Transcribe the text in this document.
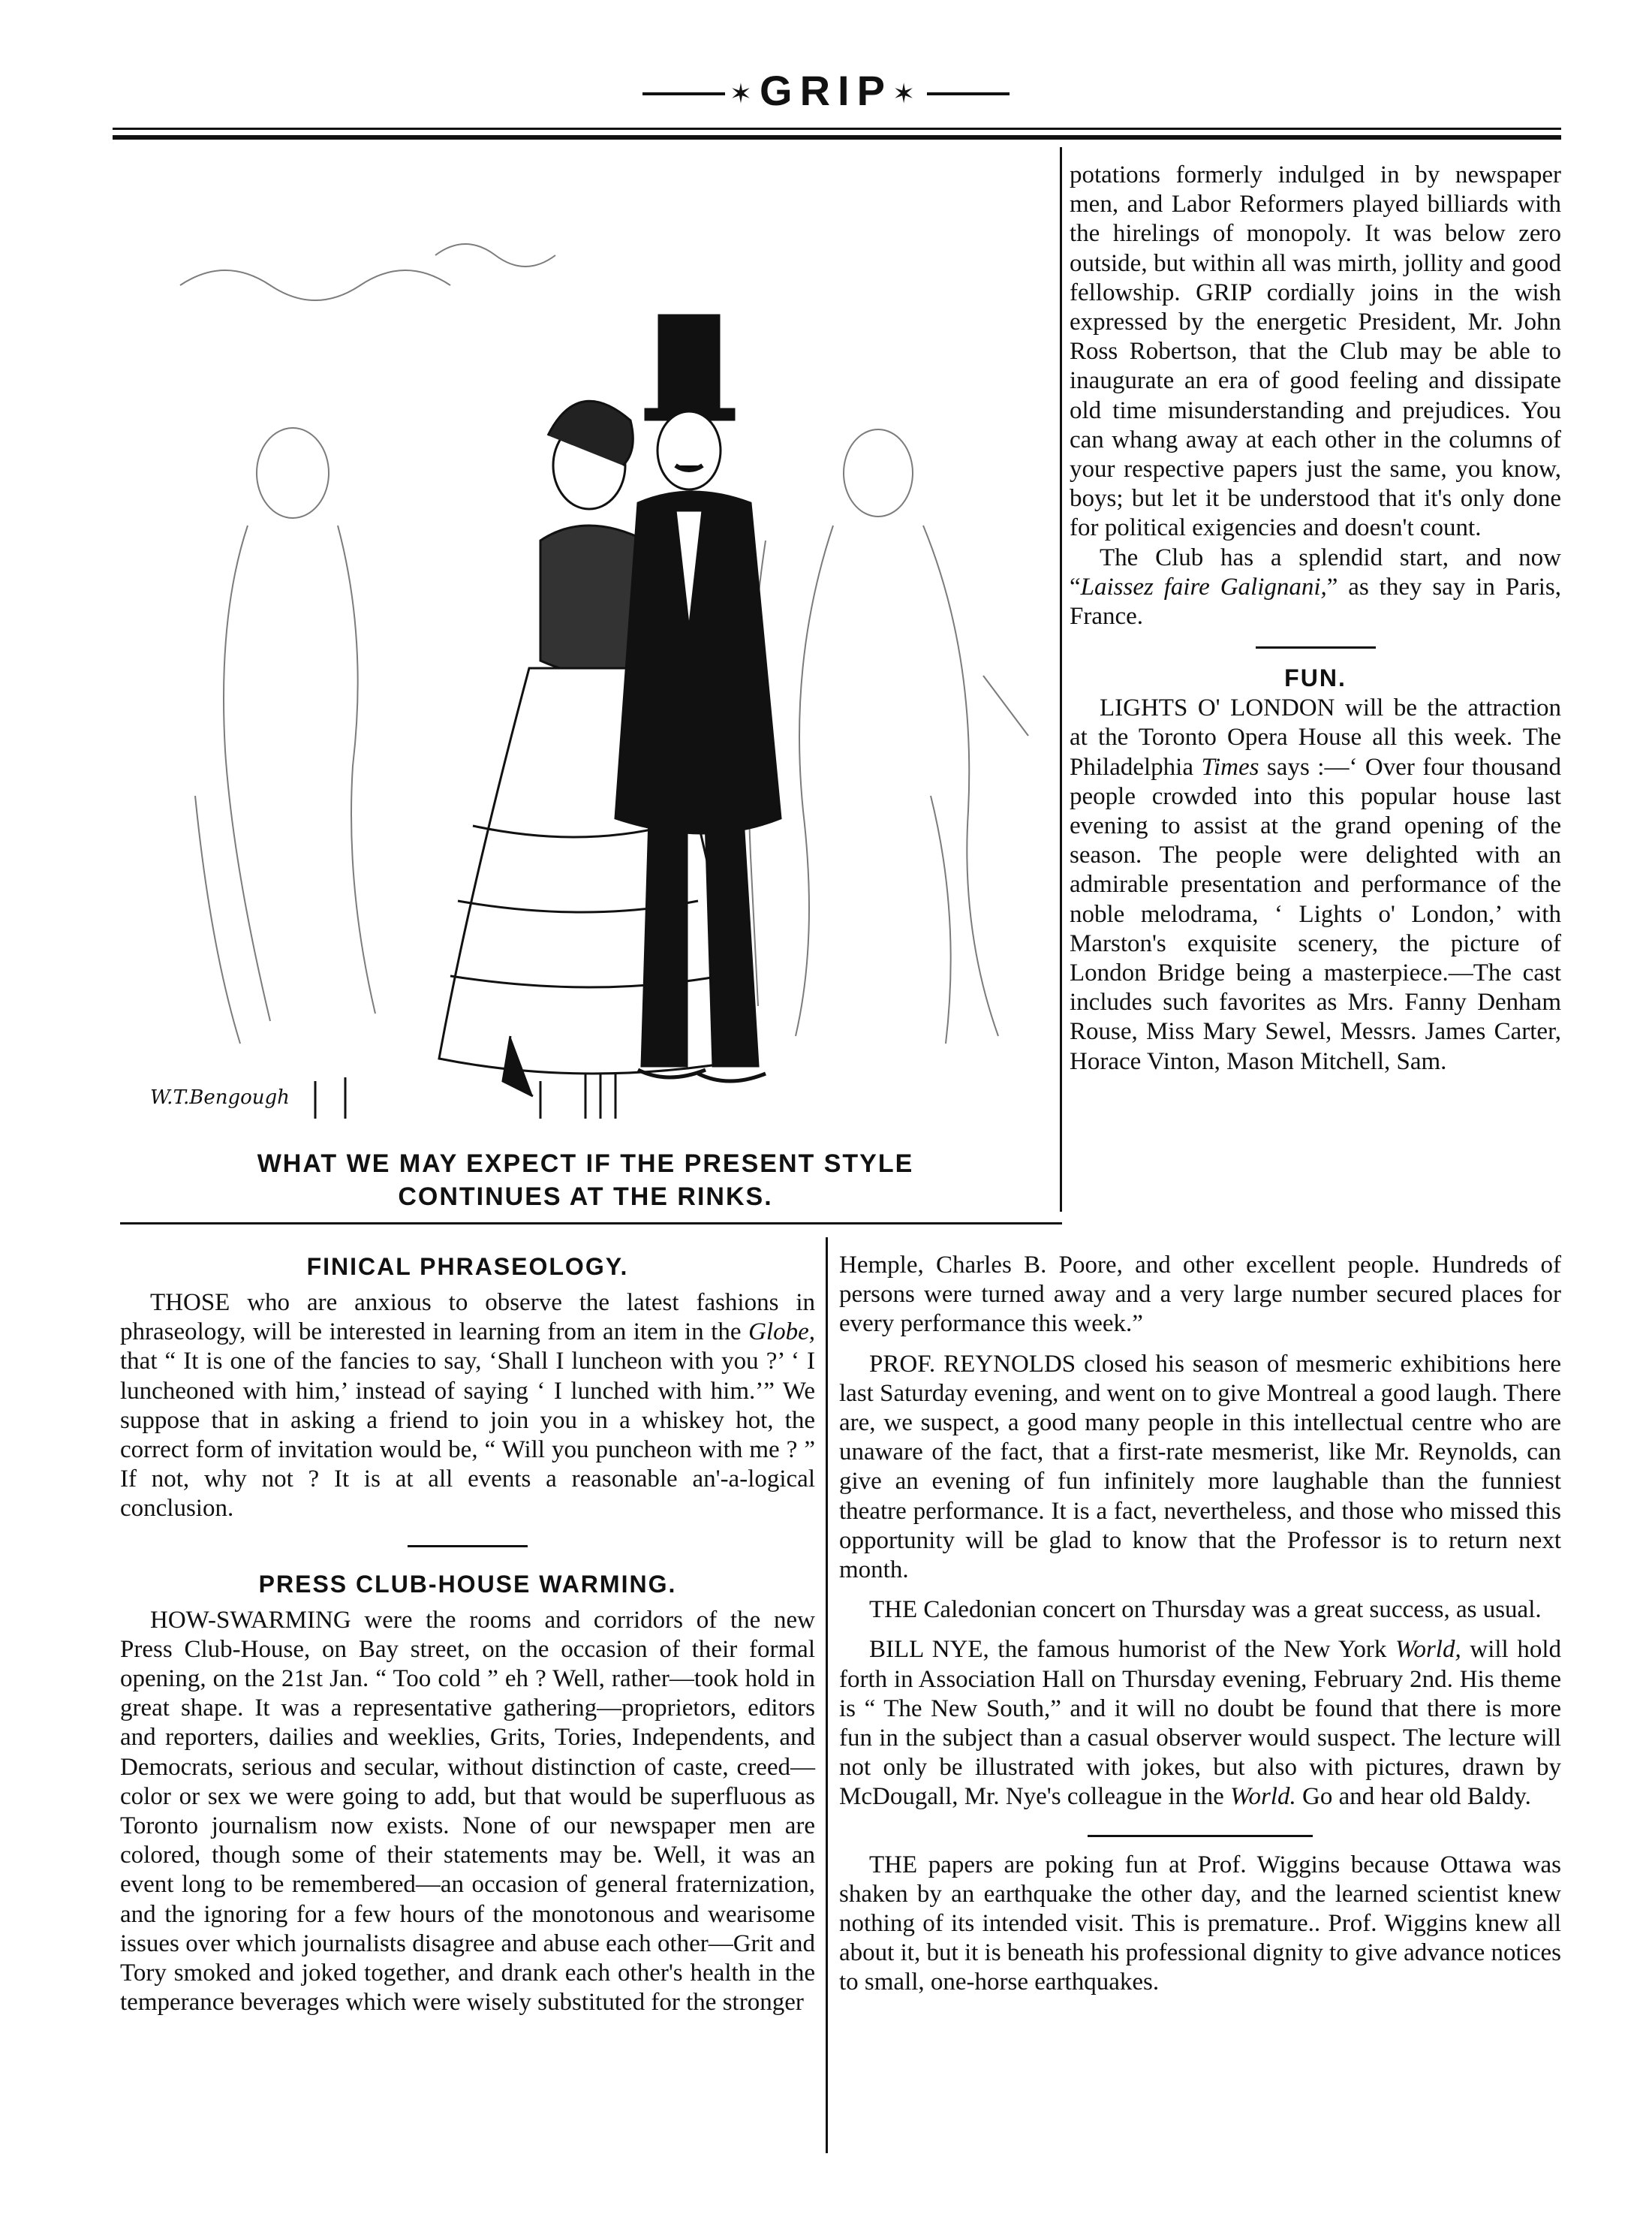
✶GRIP✶
W.T.Bengough
WHAT WE MAY EXPECT IF THE PRESENT STYLE
CONTINUES AT THE RINKS.

potations formerly indulged in by newspaper men, and Labor Reformers played billiards with the hirelings of monopoly. It was below zero outside, but within all was mirth, jollity and good fellowship. GRIP cordially joins in the wish expressed by the energetic President, Mr. John Ross Robertson, that the Club may be able to inaugurate an era of good feeling and dissipate old time misunderstanding and prejudices. You can whang away at each other in the columns of your respective papers just the same, you know, boys; but let it be understood that it's only done for political exigencies and doesn't count.

The Club has a splendid start, and now “Laissez faire Galignani,” as they say in Paris, France.

FUN.

LIGHTS O' LONDON will be the attraction at the Toronto Opera House all this week. The Philadelphia Times says :—‘ Over four thousand people crowded into this popular house last evening to assist at the grand opening of the season. The people were delighted with an admirable presentation and performance of the noble melodrama, ‘ Lights o' London,’ with Marston's exquisite scenery, the picture of London Bridge being a masterpiece.—The cast includes such favorites as Mrs. Fanny Denham Rouse, Miss Mary Sewel, Messrs. James Carter, Horace Vinton, Mason Mitchell, Sam.

Hemple, Charles B. Poore, and other excellent people. Hundreds of persons were turned away and a very large number secured places for every performance this week.”

PROF. REYNOLDS closed his season of mesmeric exhibitions here last Saturday evening, and went on to give Montreal a good laugh. There are, we suspect, a good many people in this intellectual centre who are unaware of the fact, that a first-rate mesmerist, like Mr. Reynolds, can give an evening of fun infinitely more laughable than the funniest theatre performance. It is a fact, nevertheless, and those who missed this opportunity will be glad to know that the Professor is to return next month.

THE Caledonian concert on Thursday was a great success, as usual.

BILL NYE, the famous humorist of the New York World, will hold forth in Association Hall on Thursday evening, February 2nd. His theme is “ The New South,” and it will no doubt be found that there is more fun in the subject than a casual observer would suspect. The lecture will not only be illustrated with jokes, but also with pictures, drawn by McDougall, Mr. Nye's colleague in the World. Go and hear old Baldy.

THE papers are poking fun at Prof. Wiggins because Ottawa was shaken by an earthquake the other day, and the learned scientist knew nothing of its intended visit. This is premature.. Prof. Wiggins knew all about it, but it is beneath his professional dignity to give advance notices to small, one-horse earthquakes.

FINICAL PHRASEOLOGY.

THOSE who are anxious to observe the latest fashions in phraseology, will be interested in learning from an item in the Globe, that “ It is one of the fancies to say, ‘Shall I luncheon with you ?’ ‘ I luncheoned with him,’ instead of saying ‘ I lunched with him.’” We suppose that in asking a friend to join you in a whiskey hot, the correct form of invitation would be, “ Will you puncheon with me ? ” If not, why not ? It is at all events a reasonable an'-a-logical conclusion.

PRESS CLUB-HOUSE WARMING.

HOW-SWARMING were the rooms and corridors of the new Press Club-House, on Bay street, on the occasion of their formal opening, on the 21st Jan. “ Too cold ” eh ? Well, rather—took hold in great shape. It was a representative gathering—proprietors, editors and reporters, dailies and weeklies, Grits, Tories, Independents, and Democrats, serious and secular, without distinction of caste, creed—color or sex we were going to add, but that would be superfluous as Toronto journalism now exists. None of our newspaper men are colored, though some of their statements may be. Well, it was an event long to be remembered—an occasion of general fraternization, and the ignoring for a few hours of the monotonous and wearisome issues over which journalists disagree and abuse each other—Grit and Tory smoked and joked together, and drank each other's health in the temperance beverages which were wisely substituted for the stronger
